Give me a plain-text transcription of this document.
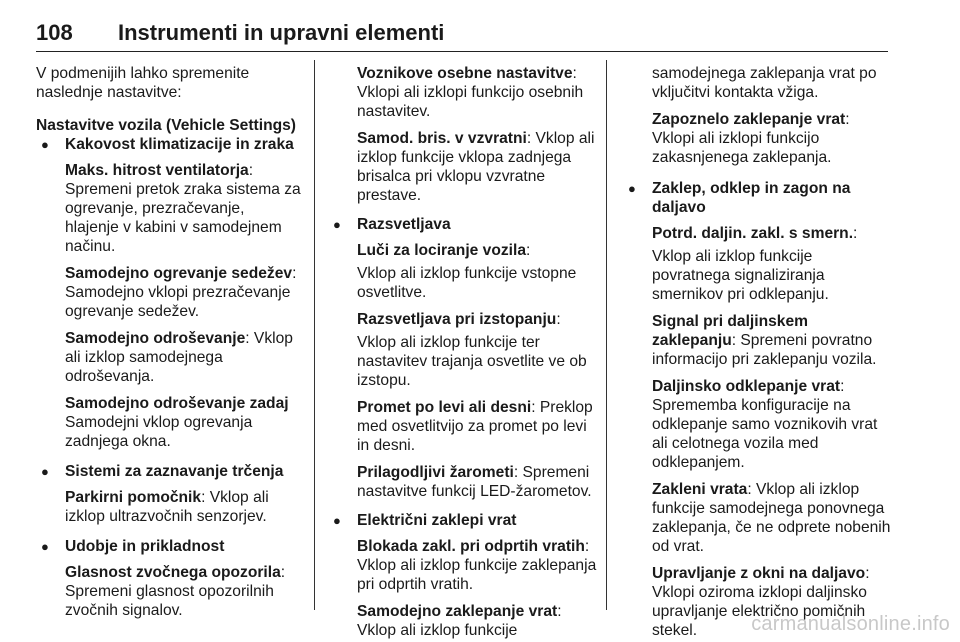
108 Instrumenti in upravni elementi

V podmenijih lahko spremenite naslednje nastavitve:

Nastavitve vozila (Vehicle Settings)

● Kakovost klimatizacije in zraka

Maks. hitrost ventilatorja: Spremeni pretok zraka sistema za ogrevanje, prezračevanje, hlajenje v kabini v samodejnem načinu.

Samodejno ogrevanje sedežev: Samodejno vklopi prezračevanje ogrevanje sedežev.

Samodejno odroševanje: Vklop ali izklop samodejnega odroševanja.

Samodejno odroševanje zadaj Samodejni vklop ogrevanja zadnjega okna.

● Sistemi za zaznavanje trčenja

Parkirni pomočnik: Vklop ali izklop ultrazvočnih senzorjev.

● Udobje in prikladnost

Glasnost zvočnega opozorila: Spremeni glasnost opozorilnih zvočnih signalov.

Voznikove osebne nastavitve: Vklopi ali izklopi funkcijo osebnih nastavitev.

Samod. bris. v vzvratni: Vklop ali izklop funkcije vklopa zadnjega brisalca pri vklopu vzvratne prestave.

● Razsvetljava

Luči za lociranje vozila:

Vklop ali izklop funkcije vstopne osvetlitve.

Razsvetljava pri izstopanju:

Vklop ali izklop funkcije ter nastavitev trajanja osvetlite ve ob izstopu.

Promet po levi ali desni: Preklop med osvetlitvijo za promet po levi in desni.

Prilagodljivi žarometi: Spremeni nastavitve funkcij LED-žarometov.

● Električni zaklepi vrat

Blokada zakl. pri odprtih vratih: Vklop ali izklop funkcije zaklepanja pri odprtih vratih.

Samodejno zaklepanje vrat: Vklop ali izklop funkcije

samodejnega zaklepanja vrat po vključitvi kontakta vžiga.

Zapoznelo zaklepanje vrat: Vklopi ali izklopi funkcijo zakasnjenega zaklepanja.

● Zaklep, odklep in zagon na daljavo

Potrd. daljin. zakl. s smern.:

Vklop ali izklop funkcije povratnega signaliziranja smernikov pri odklepanju.

Signal pri daljinskem zaklepanju: Spremeni povratno informacijo pri zaklepanju vozila.

Daljinsko odklepanje vrat: Sprememba konfiguracije na odklepanje samo voznikovih vrat ali celotnega vozila med odklepanjem.

Zakleni vrata: Vklop ali izklop funkcije samodejnega ponovnega zaklepanja, če ne odprete nobenih od vrat.

Upravljanje z okni na daljavo: Vklopi oziroma izklopi daljinsko upravljanje električno pomičnih stekel.	carmanualsonline.info
